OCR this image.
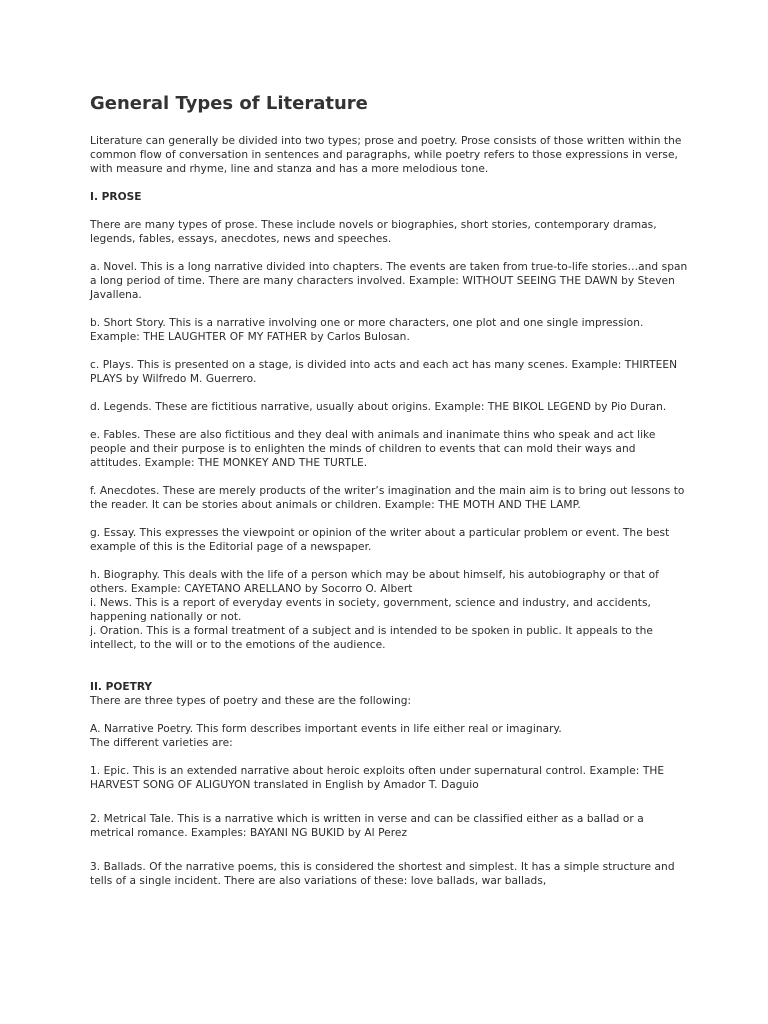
General Types of Literature

Literature can generally be divided into two types; prose and poetry. Prose consists of those written within the common flow of conversation in sentences and paragraphs, while poetry refers to those expressions in verse, with measure and rhyme, line and stanza and has a more melodious tone.

I. PROSE

There are many types of prose. These include novels or biographies, short stories, contemporary dramas, legends, fables, essays, anecdotes, news and speeches.

a. Novel. This is a long narrative divided into chapters. The events are taken from true-to-life stories…and span a long period of time. There are many characters involved. Example: WITHOUT SEEING THE DAWN by Steven Javallena.

b. Short Story. This is a narrative involving one or more characters, one plot and one single impression. Example: THE LAUGHTER OF MY FATHER by Carlos Bulosan.

c. Plays. This is presented on a stage, is divided into acts and each act has many scenes. Example: THIRTEEN PLAYS by Wilfredo M. Guerrero.

d. Legends. These are fictitious narrative, usually about origins. Example: THE BIKOL LEGEND by Pio Duran.

e. Fables. These are also fictitious and they deal with animals and inanimate thins who speak and act like people and their purpose is to enlighten the minds of children to events that can mold their ways and attitudes. Example: THE MONKEY AND THE TURTLE.

f. Anecdotes. These are merely products of the writer’s imagination and the main aim is to bring out lessons to the reader. It can be stories about animals or children. Example: THE MOTH AND THE LAMP.

g. Essay. This expresses the viewpoint or opinion of the writer about a particular problem or event. The best example of this is the Editorial page of a newspaper.

h. Biography. This deals with the life of a person which may be about himself, his autobiography or that of others. Example: CAYETANO ARELLANO by Socorro O. Albert

i. News. This is a report of everyday events in society, government, science and industry, and accidents, happening nationally or not.

j. Oration. This is a formal treatment of a subject and is intended to be spoken in public. It appeals to the intellect, to the will or to the emotions of the audience.

II. POETRY

There are three types of poetry and these are the following:

A. Narrative Poetry. This form describes important events in life either real or imaginary.

The different varieties are:

1. Epic. This is an extended narrative about heroic exploits often under supernatural control. Example: THE HARVEST SONG OF ALIGUYON translated in English by Amador T. Daguio

2. Metrical Tale. This is a narrative which is written in verse and can be classified either as a ballad or a metrical romance. Examples: BAYANI NG BUKID by Al Perez

3. Ballads. Of the narrative poems, this is considered the shortest and simplest. It has a simple structure and tells of a single incident. There are also variations of these: love ballads, war ballads,
